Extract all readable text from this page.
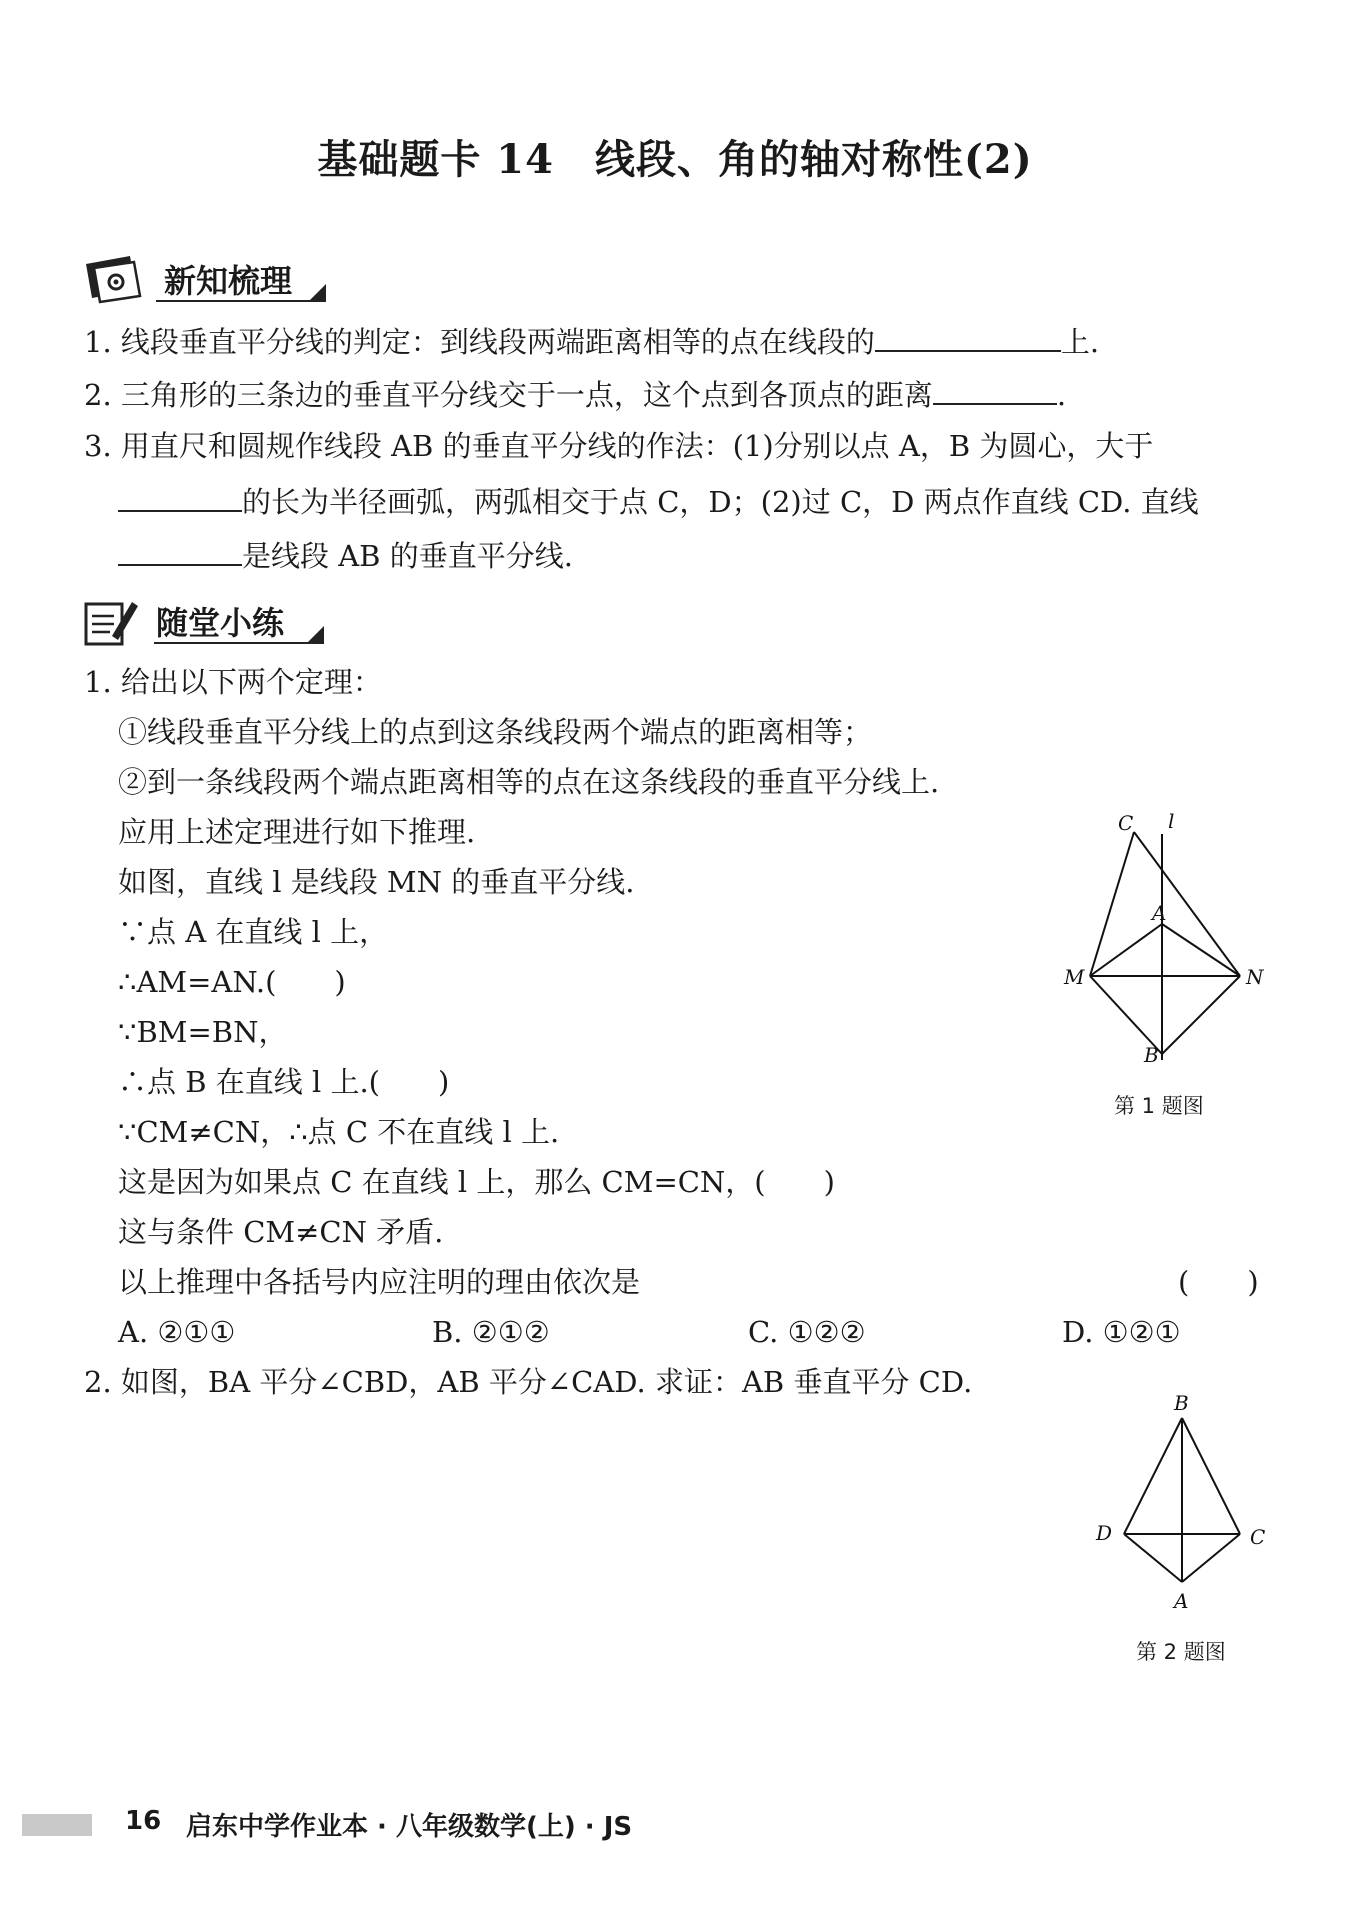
基础题卡 14　线段、角的轴对称性(2)
新知梳理
1. 线段垂直平分线的判定：到线段两端距离相等的点在线段的	上.
2. 三角形的三条边的垂直平分线交于一点，这个点到各顶点的距离	.
3. 用直尺和圆规作线段 AB 的垂直平分线的作法：(1)分别以点 A，B 为圆心，大于
的长为半径画弧，两弧相交于点 C，D；(2)过 C，D 两点作直线 CD. 直线
是线段 AB 的垂直平分线.
随堂小练
1. 给出以下两个定理：
①线段垂直平分线上的点到这条线段两个端点的距离相等；
②到一条线段两个端点距离相等的点在这条线段的垂直平分线上.
应用上述定理进行如下推理.
如图，直线 l 是线段 MN 的垂直平分线.
∵点 A 在直线 l 上，
∴AM=AN.(　　)
∵BM=BN，
∴点 B 在直线 l 上.(　　)
∵CM≠CN，∴点 C 不在直线 l 上.
这是因为如果点 C 在直线 l 上，那么 CM=CN，(　　)
这与条件 CM≠CN 矛盾.
以上推理中各括号内应注明的理由依次是	(　　)
A. ②①①	B. ②①②	C. ①②②	D. ①②①
C l
A
M	N
B
第 1 题图
2. 如图，BA 平分∠CBD，AB 平分∠CAD. 求证：AB 垂直平分 CD.
B
D	C
A
第 2 题图
16 启东中学作业本 · 八年级数学(上) · JS
